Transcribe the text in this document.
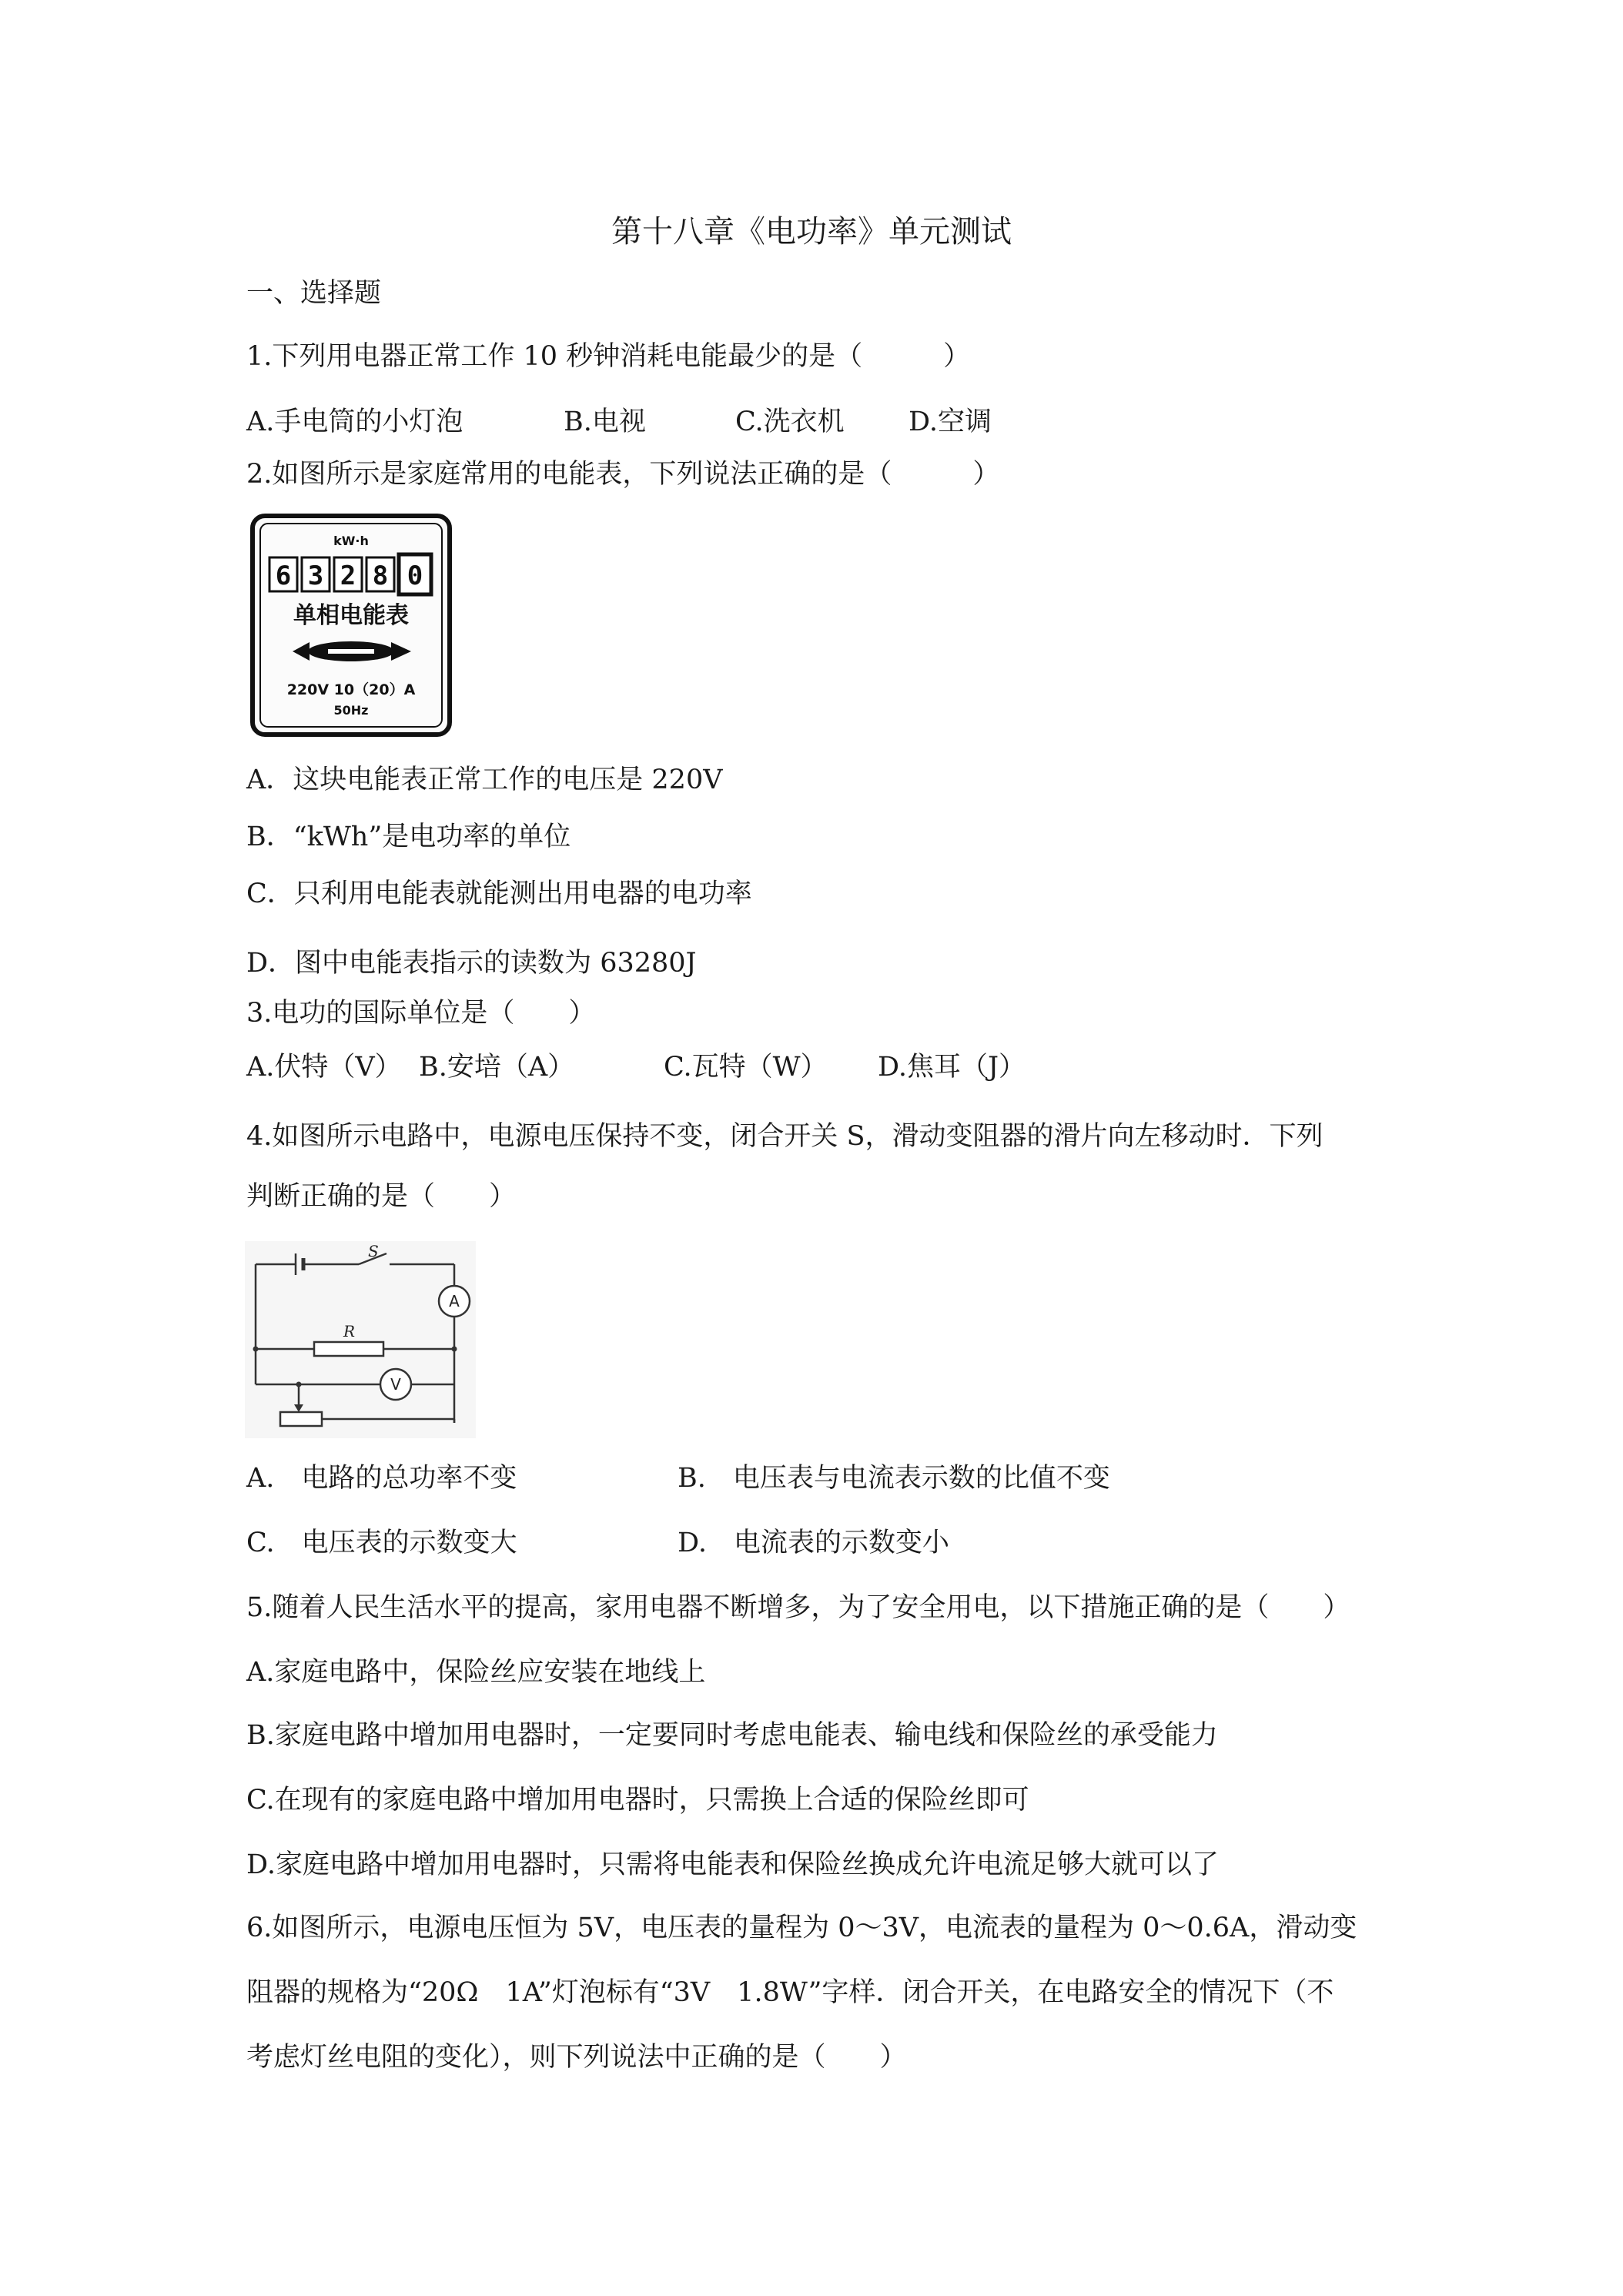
第十八章《电功率》单元测试
一、选择题
1.下列用电器正常工作 10 秒钟消耗电能最少的是（　　　）
A.手电筒的小灯泡	B.电视	C.洗衣机 D.空调
2.如图所示是家庭常用的电能表，下列说法正确的是（　　　）
kW·h
6 3 2 8 0
单相电能表
220V 10（20）A
50Hz
A．这块电能表正常工作的电压是 220V
B．“kWh”是电功率的单位
C．只利用电能表就能测出用电器的电功率
D．图中电能表指示的读数为 63280J
3.电功的国际单位是（　　）
A.伏特（V） B.安培（A）	C.瓦特（W） D.焦耳（J）
4.如图所示电路中，电源电压保持不变，闭合开关 S，滑动变阻器的滑片向左移动时．下列
判断正确的是（　　）
S
R
A
V
A.　电路的总功率不变	B.　电压表与电流表示数的比值不变
C.　电压表的示数变大	D.　电流表的示数变小
5.随着人民生活水平的提高，家用电器不断增多，为了安全用电，以下措施正确的是（　　）
A.家庭电路中，保险丝应安装在地线上
B.家庭电路中增加用电器时，一定要同时考虑电能表、输电线和保险丝的承受能力
C.在现有的家庭电路中增加用电器时，只需换上合适的保险丝即可
D.家庭电路中增加用电器时，只需将电能表和保险丝换成允许电流足够大就可以了
6.如图所示，电源电压恒为 5V，电压表的量程为 0～3V，电流表的量程为 0～0.6A，滑动变
阻器的规格为“20Ω　1A”灯泡标有“3V　1.8W”字样．闭合开关，在电路安全的情况下（不
考虑灯丝电阻的变化），则下列说法中正确的是（　　）
